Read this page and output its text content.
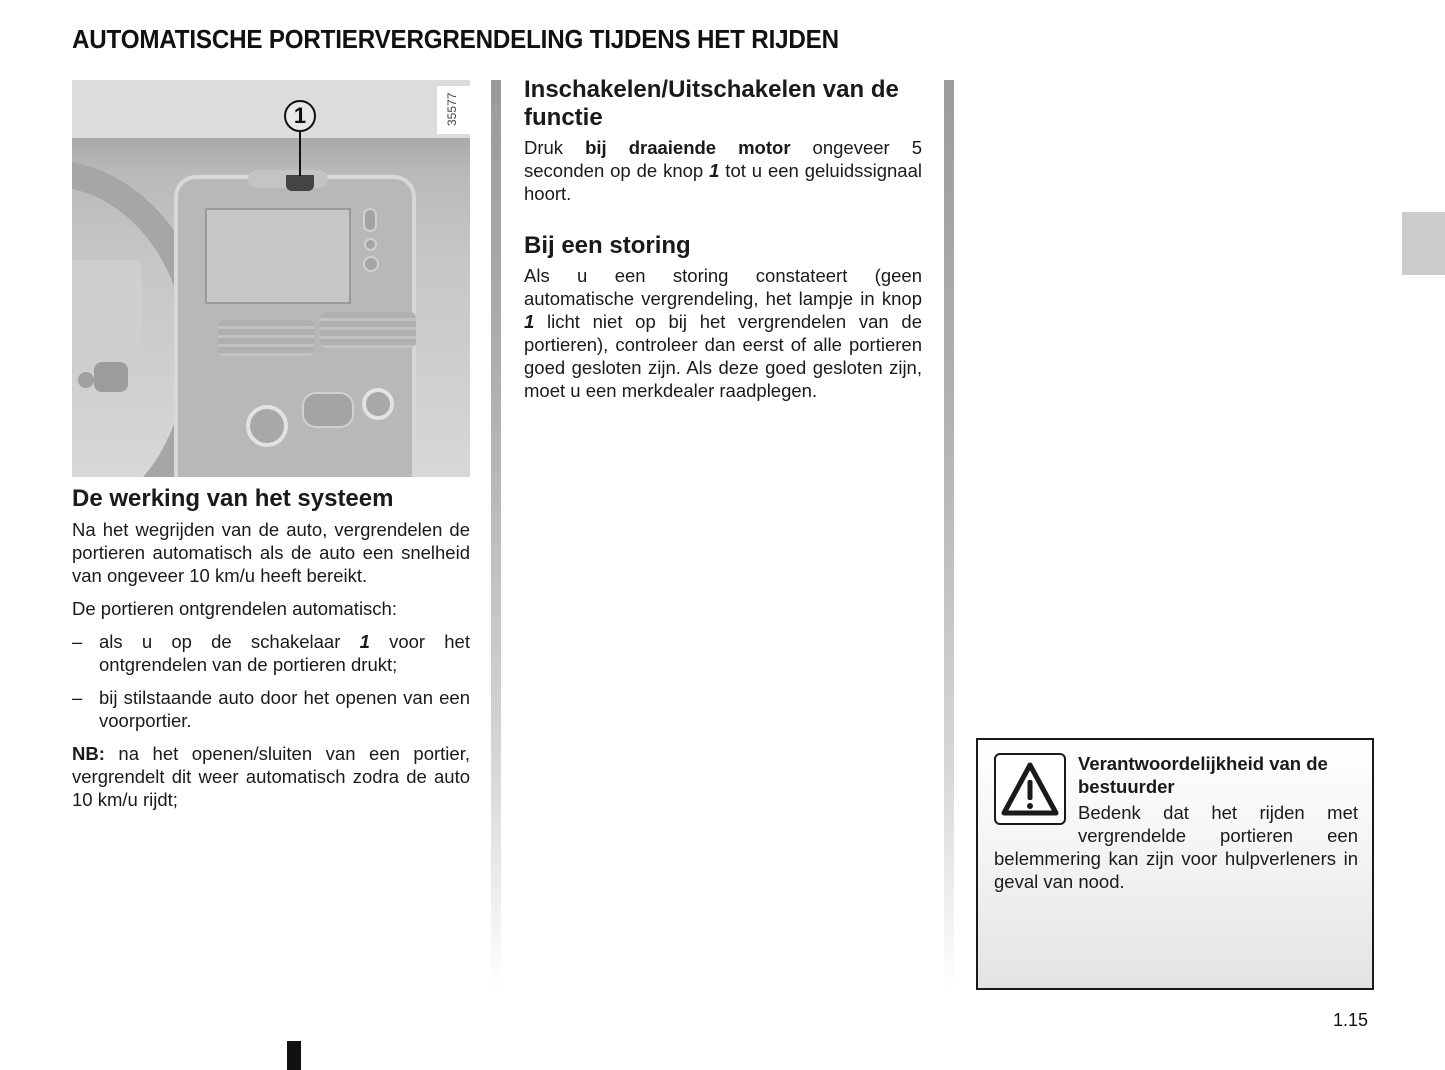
AUTOMATISCHE PORTIERVERGRENDELING TIJDENS HET RIJDEN
1	35577
De werking van het systeem

Na het wegrijden van de auto, vergrendelen de portieren automatisch als de auto een snelheid van ongeveer 10 km/u heeft bereikt.

De portieren ontgrendelen automatisch:

– als u op de schakelaar 1 voor het ontgrendelen van de portieren drukt;
– bij stilstaande auto door het openen van een voorportier.

NB: na het openen/sluiten van een portier, vergrendelt dit weer automatisch zodra de auto 10 km/u rijdt;

Inschakelen/Uitschakelen van de functie

Druk bij draaiende motor ongeveer 5 seconden op de knop 1 tot u een geluidssignaal hoort.

Bij een storing

Als u een storing constateert (geen automatische vergrendeling, het lampje in knop 1 licht niet op bij het vergrendelen van de portieren), controleer dan eerst of alle portieren goed gesloten zijn. Als deze goed gesloten zijn, moet u een merkdealer raadplegen.

Verantwoordelijkheid van de bestuurder
Bedenk dat het rijden met vergrendelde portieren een belemmering kan zijn voor hulpverleners in geval van nood.
1.15
